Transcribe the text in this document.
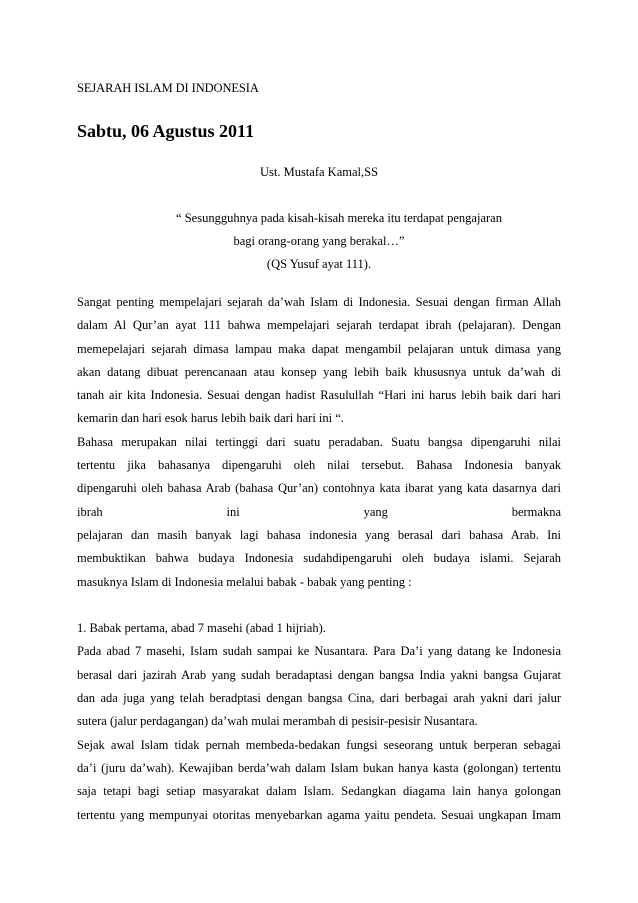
SEJARAH ISLAM DI INDONESIA
Sabtu, 06 Agustus 2011
Ust. Mustafa Kamal,SS
“ Sesungguhnya pada kisah-kisah mereka itu terdapat pengajaran
bagi orang-orang yang berakal…”
(QS Yusuf ayat 111).
Sangat penting mempelajari sejarah da’wah Islam di Indonesia. Sesuai dengan firman Allah
dalam Al Qur’an ayat 111 bahwa mempelajari sejarah terdapat ibrah (pelajaran). Dengan
memepelajari sejarah dimasa lampau maka dapat mengambil pelajaran untuk dimasa yang
akan datang dibuat perencanaan atau konsep yang lebih baik khususnya untuk da’wah di
tanah air kita Indonesia. Sesuai dengan hadist Rasulullah “Hari ini harus lebih baik dari hari
kemarin dan hari esok harus lebih baik dari hari ini “.
Bahasa merupakan nilai tertinggi dari suatu peradaban. Suatu bangsa dipengaruhi nilai
tertentu jika bahasanya dipengaruhi oleh nilai tersebut. Bahasa Indonesia banyak
dipengaruhi oleh bahasa Arab (bahasa Qur’an) contohnya kata ibarat yang kata dasarnya dari
ibrah ini yang bermakna
pelajaran dan masih banyak lagi bahasa indonesia yang berasal dari bahasa Arab. Ini
membuktikan bahwa budaya Indonesia sudahdipengaruhi oleh budaya islami. Sejarah
masuknya Islam di Indonesia melalui babak - babak yang penting :
1. Babak pertama, abad 7 masehi (abad 1 hijriah).
Pada abad 7 masehi, Islam sudah sampai ke Nusantara. Para Da’i yang datang ke Indonesia
berasal dari jazirah Arab yang sudah beradaptasi dengan bangsa India yakni bangsa Gujarat
dan ada juga yang telah beradptasi dengan bangsa Cina, dari berbagai arah yakni dari jalur
sutera (jalur perdagangan) da’wah mulai merambah di pesisir-pesisir Nusantara.
Sejak awal Islam tidak pernah membeda-bedakan fungsi seseorang untuk berperan sebagai
da’i (juru da’wah). Kewajiban berda’wah dalam Islam bukan hanya kasta (golongan) tertentu
saja tetapi bagi setiap masyarakat dalam Islam. Sedangkan diagama lain hanya golongan
tertentu yang mempunyai otoritas menyebarkan agama yaitu pendeta. Sesuai ungkapan Imam
